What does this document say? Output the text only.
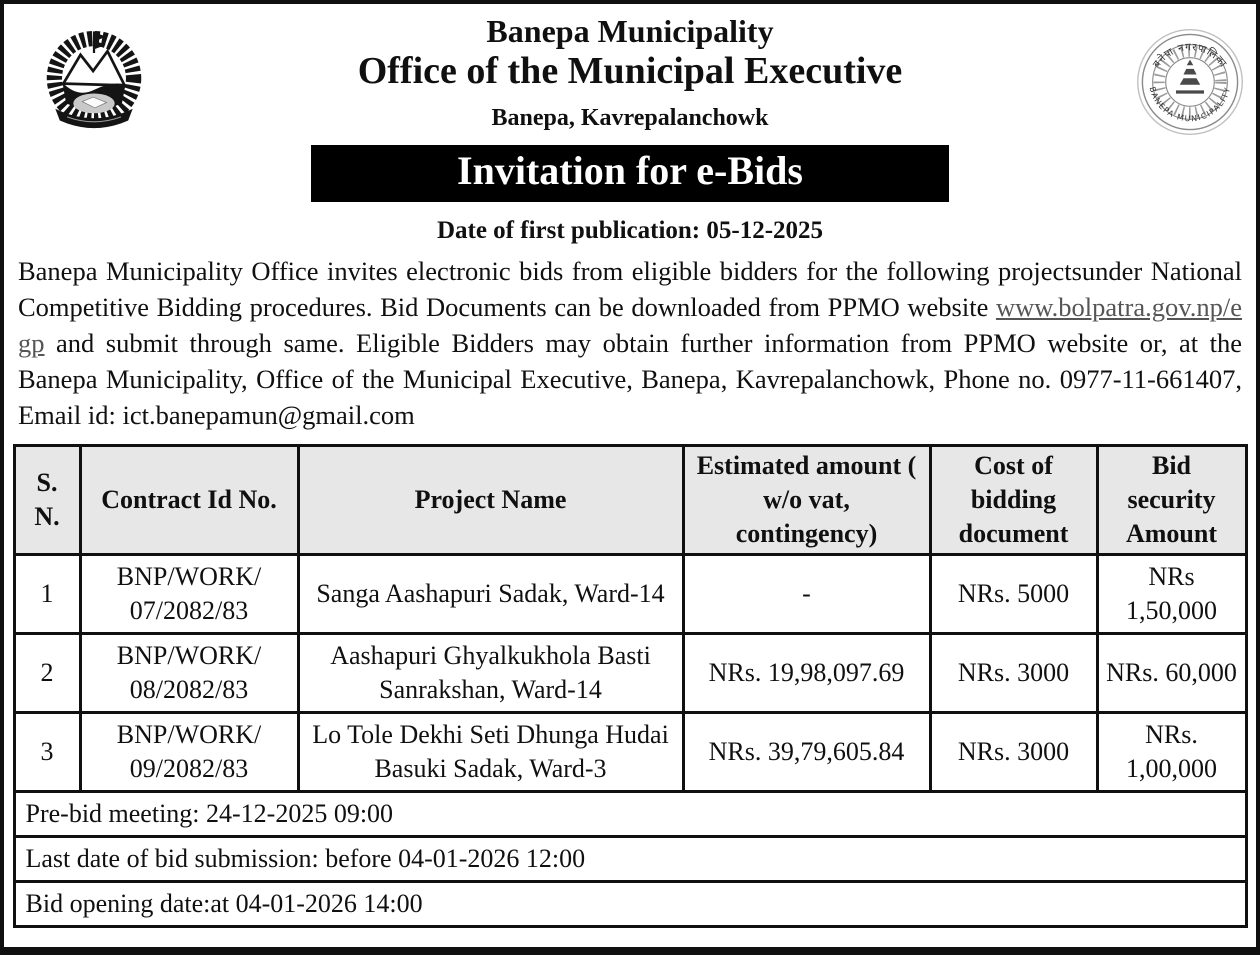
बनेपा नगरपालिका
BANEPA MUNICIPALITY
Banepa Municipality
Office of the Municipal Executive
Banepa, Kavrepalanchowk
Invitation for e-Bids
Date of first publication: 05-12-2025

Banepa Municipality Office invites electronic bids from eligible bidders for the following projectsunder National Competitive Bidding procedures. Bid Documents can be downloaded from PPMO website www.bolpatra.gov.np/egp and submit through same. Eligible Bidders may obtain further information from PPMO website or, at the Banepa Municipality, Office of the Municipal Executive, Banepa, Kavrepalanchowk, Phone no. 0977-11-661407, Email id: ict.banepamun@gmail.com

S. N.	Contract Id No.	Project Name	Estimated amount ( w/o vat, contingency)	Cost of bidding document	Bid security Amount
1	BNP/WORK/ 07/2082/83	Sanga Aashapuri Sadak, Ward-14	-	NRs. 5000	NRs 1,50,000
2	BNP/WORK/ 08/2082/83	Aashapuri Ghyalkukhola Basti Sanrakshan, Ward-14	NRs. 19,98,097.69	NRs. 3000	NRs. 60,000
3	BNP/WORK/ 09/2082/83	Lo Tole Dekhi Seti Dhunga Hudai Basuki Sadak, Ward-3	NRs. 39,79,605.84	NRs. 3000	NRs. 1,00,000
Pre-bid meeting: 24-12-2025 09:00					
Last date of bid submission: before 04-01-2026 12:00					
Bid opening date:at 04-01-2026 14:00					
